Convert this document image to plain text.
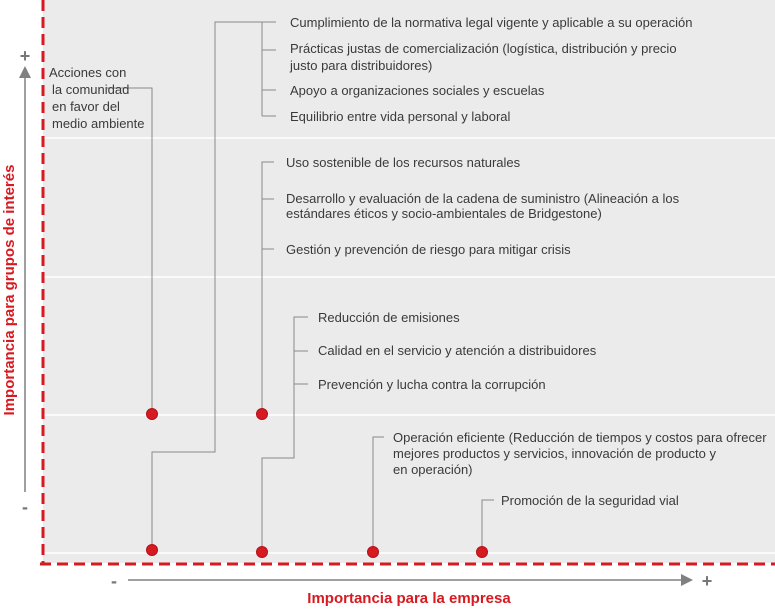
Acciones con
la comunidad
en favor del
medio ambiente
Cumplimiento de la normativa legal vigente y aplicable a su operación
Prácticas justas de comercialización (logística, distribución y precio
justo para distribuidores)
Apoyo a organizaciones sociales y escuelas
Equilibrio entre vida personal y laboral
Uso sostenible de los recursos naturales
Desarrollo y evaluación de la cadena de suministro (Alineación a los
estándares éticos y socio-ambientales de Bridgestone)
Gestión y prevención de riesgo para mitigar crisis
Reducción de emisiones
Calidad en el servicio y atención a distribuidores
Prevención y lucha contra la corrupción
Operación eficiente (Reducción de tiempos y costos para ofrecer
mejores productos y servicios, innovación de producto y
en operación)
Promoción de la seguridad vial
+
-
Importancia para grupos de interés
-	+
Importancia para la empresa
